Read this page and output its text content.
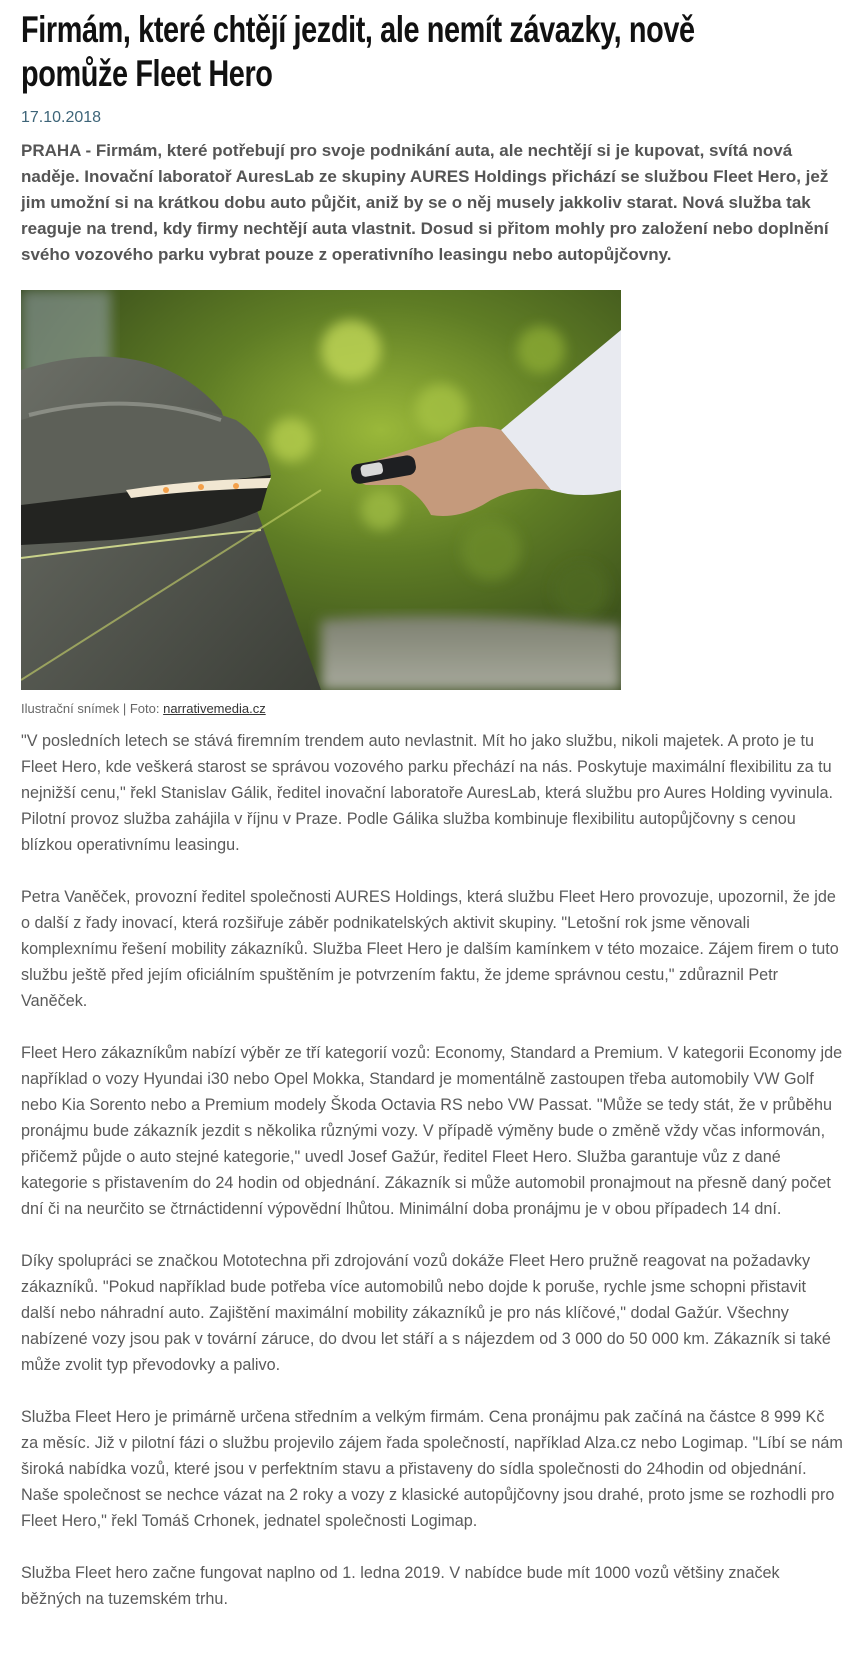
Firmám, které chtějí jezdit, ale nemít závazky, nově pomůže Fleet Hero
17.10.2018
PRAHA - Firmám, které potřebují pro svoje podnikání auta, ale nechtějí si je kupovat, svítá nová naděje. Inovační laboratoř AuresLab ze skupiny AURES Holdings přichází se službou Fleet Hero, jež jim umožní si na krátkou dobu auto půjčit, aniž by se o něj musely jakkoliv starat. Nová služba tak reaguje na trend, kdy firmy nechtějí auta vlastnit. Dosud si přitom mohly pro založení nebo doplnění svého vozového parku vybrat pouze z operativního leasingu nebo autopůjčovny.
Ilustrační snímek | Foto: narrativemedia.cz

"V posledních letech se stává firemním trendem auto nevlastnit. Mít ho jako službu, nikoli majetek. A proto je tu Fleet Hero, kde veškerá starost se správou vozového parku přechází na nás. Poskytuje maximální flexibilitu za tu nejnižší cenu," řekl Stanislav Gálik, ředitel inovační laboratoře AuresLab, která službu pro Aures Holding vyvinula. Pilotní provoz služba zahájila v říjnu v Praze. Podle Gálika služba kombinuje flexibilitu autopůjčovny s cenou blízkou operativnímu leasingu.

Petra Vaněček, provozní ředitel společnosti AURES Holdings, která službu Fleet Hero provozuje, upozornil, že jde o další z řady inovací, která rozšiřuje záběr podnikatelských aktivit skupiny. "Letošní rok jsme věnovali komplexnímu řešení mobility zákazníků. Služba Fleet Hero je dalším kamínkem v této mozaice. Zájem firem o tuto službu ještě před jejím oficiálním spuštěním je potvrzením faktu, že jdeme správnou cestu," zdůraznil Petr Vaněček.

Fleet Hero zákazníkům nabízí výběr ze tří kategorií vozů: Economy, Standard a Premium. V kategorii Economy jde například o vozy Hyundai i30 nebo Opel Mokka, Standard je momentálně zastoupen třeba automobily VW Golf nebo Kia Sorento nebo a Premium modely Škoda Octavia RS nebo VW Passat. "Může se tedy stát, že v průběhu pronájmu bude zákazník jezdit s několika různými vozy. V případě výměny bude o změně vždy včas informován, přičemž půjde o auto stejné kategorie," uvedl Josef Gažúr, ředitel Fleet Hero. Služba garantuje vůz z dané kategorie s přistavením do 24 hodin od objednání. Zákazník si může automobil pronajmout na přesně daný počet dní či na neurčito se čtrnáctidenní výpovědní lhůtou. Minimální doba pronájmu je v obou případech 14 dní.

Díky spolupráci se značkou Mototechna při zdrojování vozů dokáže Fleet Hero pružně reagovat na požadavky zákazníků. "Pokud například bude potřeba více automobilů nebo dojde k poruše, rychle jsme schopni přistavit další nebo náhradní auto. Zajištění maximální mobility zákazníků je pro nás klíčové," dodal Gažúr. Všechny nabízené vozy jsou pak v tovární záruce, do dvou let stáří a s nájezdem od 3 000 do 50 000 km. Zákazník si také může zvolit typ převodovky a palivo.

Služba Fleet Hero je primárně určena středním a velkým firmám. Cena pronájmu pak začíná na částce 8 999 Kč za měsíc. Již v pilotní fázi o službu projevilo zájem řada společností, například Alza.cz nebo Logimap. "Líbí se nám široká nabídka vozů, které jsou v perfektním stavu a přistaveny do sídla společnosti do 24hodin od objednání. Naše společnost se nechce vázat na 2 roky a vozy z klasické autopůjčovny jsou drahé, proto jsme se rozhodli pro Fleet Hero," řekl Tomáš Crhonek, jednatel společnosti Logimap.

Služba Fleet hero začne fungovat naplno od 1. ledna 2019. V nabídce bude mít 1000 vozů většiny značek běžných na tuzemském trhu.
